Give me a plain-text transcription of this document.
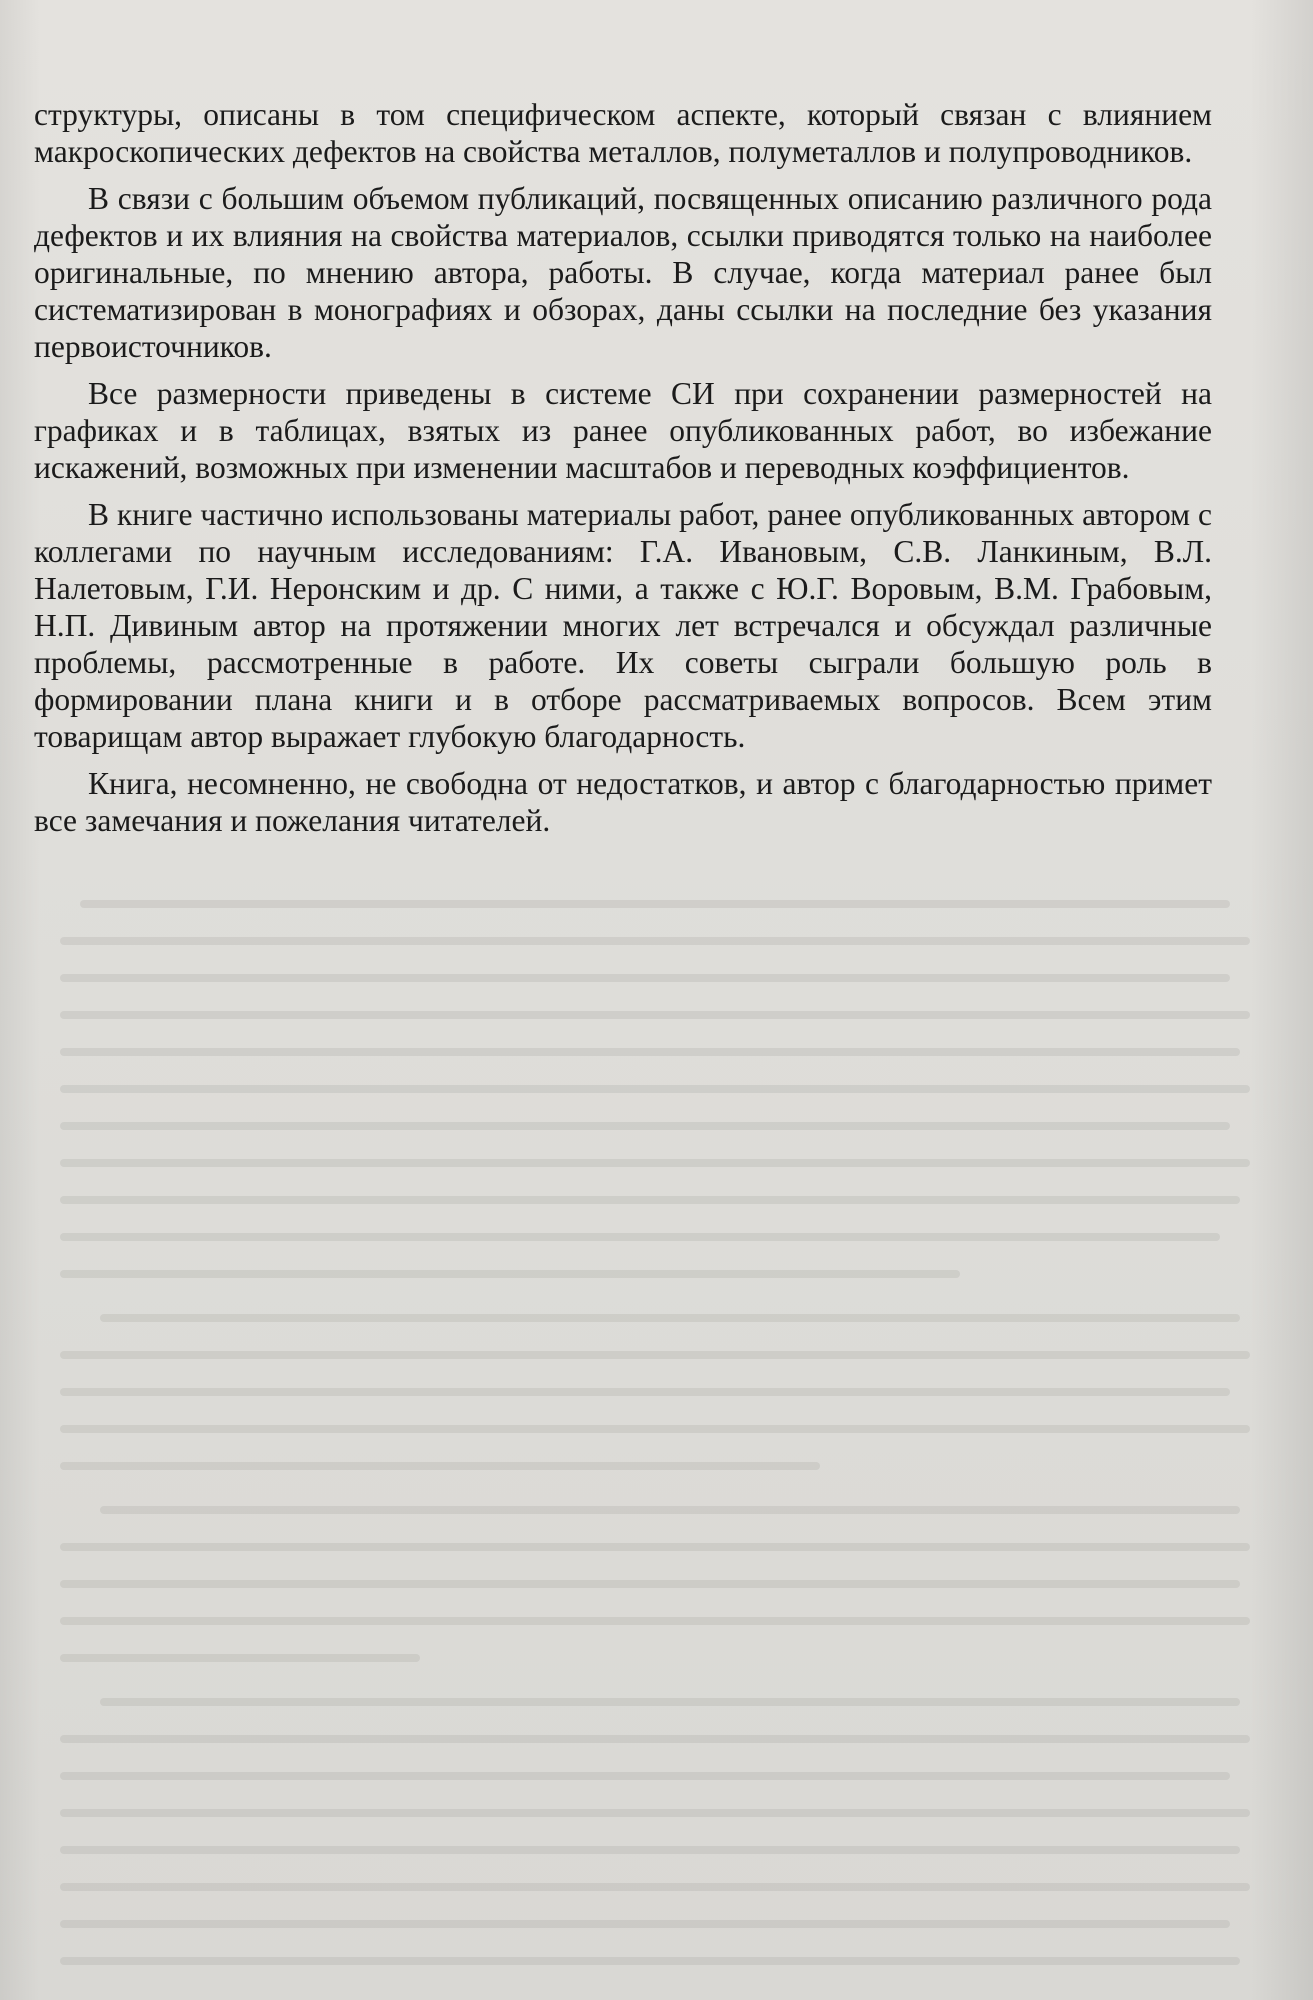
структуры, описаны в том специфическом аспекте, который связан с влиянием макроскопических дефектов на свойства металлов, полуметаллов и полупроводников.

В связи с большим объемом публикаций, посвященных описанию различного рода дефектов и их влияния на свойства материалов, ссылки приводятся только на наиболее оригинальные, по мнению автора, работы. В случае, когда материал ранее был систематизирован в монографиях и обзорах, даны ссылки на последние без указания первоисточников.

Все размерности приведены в системе СИ при сохранении размерностей на графиках и в таблицах, взятых из ранее опубликованных работ, во избежание искажений, возможных при изменении масштабов и переводных коэффициентов.

В книге частично использованы материалы работ, ранее опубликованных автором с коллегами по научным исследованиям: Г.А. Ивановым, С.В. Ланкиным, В.Л. Налетовым, Г.И. Неронским и др. С ними, а также с Ю.Г. Воровым, В.М. Грабовым, Н.П. Дивиным автор на протяжении многих лет встречался и обсуждал различные проблемы, рассмотренные в работе. Их советы сыграли большую роль в формировании плана книги и в отборе рассматриваемых вопросов. Всем этим товарищам автор выражает глубокую благодарность.

Книга, несомненно, не свободна от недостатков, и автор с благодарностью примет все замечания и пожелания читателей.
